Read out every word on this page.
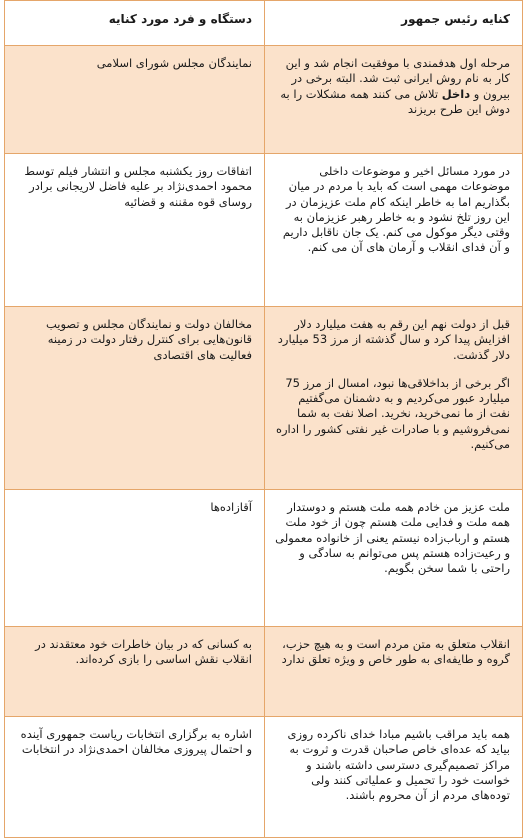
کنایه رئیس جمهور	دستگاه و فرد مورد کنایه

مرحله اول هدفمندی با موفقیت انجام شد و این کار به نام روش ایرانی ثبت شد. البته برخی در بیرون و داخل تلاش می کنند همه مشکلات را به دوش این طرح بریزند	نمایندگان مجلس شورای اسلامی

در مورد مسائل اخیر و موضوعات داخلی موضوعات مهمی است که باید با مردم در میان بگذاریم اما به خاطر اینکه کام ملت عزیزمان در این روز تلخ نشود و به خاطر رهبر عزیزمان به وقتی دیگر موکول می کنم. یک جان ناقابل داریم و آن فدای انقلاب و آرمان های آن می کنم.	اتفاقات روز یکشنبه مجلس و انتشار فیلم توسط محمود احمدی‌نژاد بر علیه فاضل لاریجانی برادر روسای قوه مقننه و قضائیه

قبل از دولت نهم این رقم به هفت میلیارد دلار افزایش پیدا کرد و سال گذشته از مرز 53 میلیارد دلار گذشت.

اگر برخی از بداخلاقی‌ها نبود، امسال از مرز 75 میلیارد عبور می‌کردیم و به دشمنان می‌گفتیم نفت از ما نمی‌خرید، نخرید. اصلا نفت به شما نمی‌فروشیم و با صادرات غیر نفتی کشور را اداره می‌کنیم.	مخالفان دولت و نمایندگان مجلس و تصویب قانون‌هایی برای کنترل رفتار دولت در زمینه فعالیت های اقتصادی

ملت عزیز من خادم همه ملت هستم و دوستدار همه ملت و فدایی ملت هستم چون از خود ملت هستم و ارباب‌زاده نیستم یعنی از خانواده معمولی و رعیت‌زاده هستم پس می‌توانم به سادگی و راحتی با شما سخن بگویم.	آقازاده‌ها

انقلاب متعلق به متن مردم است و به هیچ حزب، گروه و طایفه‌ای به طور خاص و ویژه تعلق ندارد	به کسانی که در بیان خاطرات خود معتقدند در انقلاب نقش اساسی را بازی کرده‌اند.

همه باید مراقب باشیم مبادا خدای ناکرده روزی بیاید که عده‌ای خاص صاحبان قدرت و ثروت به مراکز تصمیم‌گیری دسترسی داشته باشند و خواست خود را تحمیل و عملیاتی کنند ولی توده‌های مردم از آن محروم باشند.	اشاره به برگزاری انتخابات ریاست جمهوری آینده و احتمال پیروزی مخالفان احمدی‌نژاد در انتخابات
